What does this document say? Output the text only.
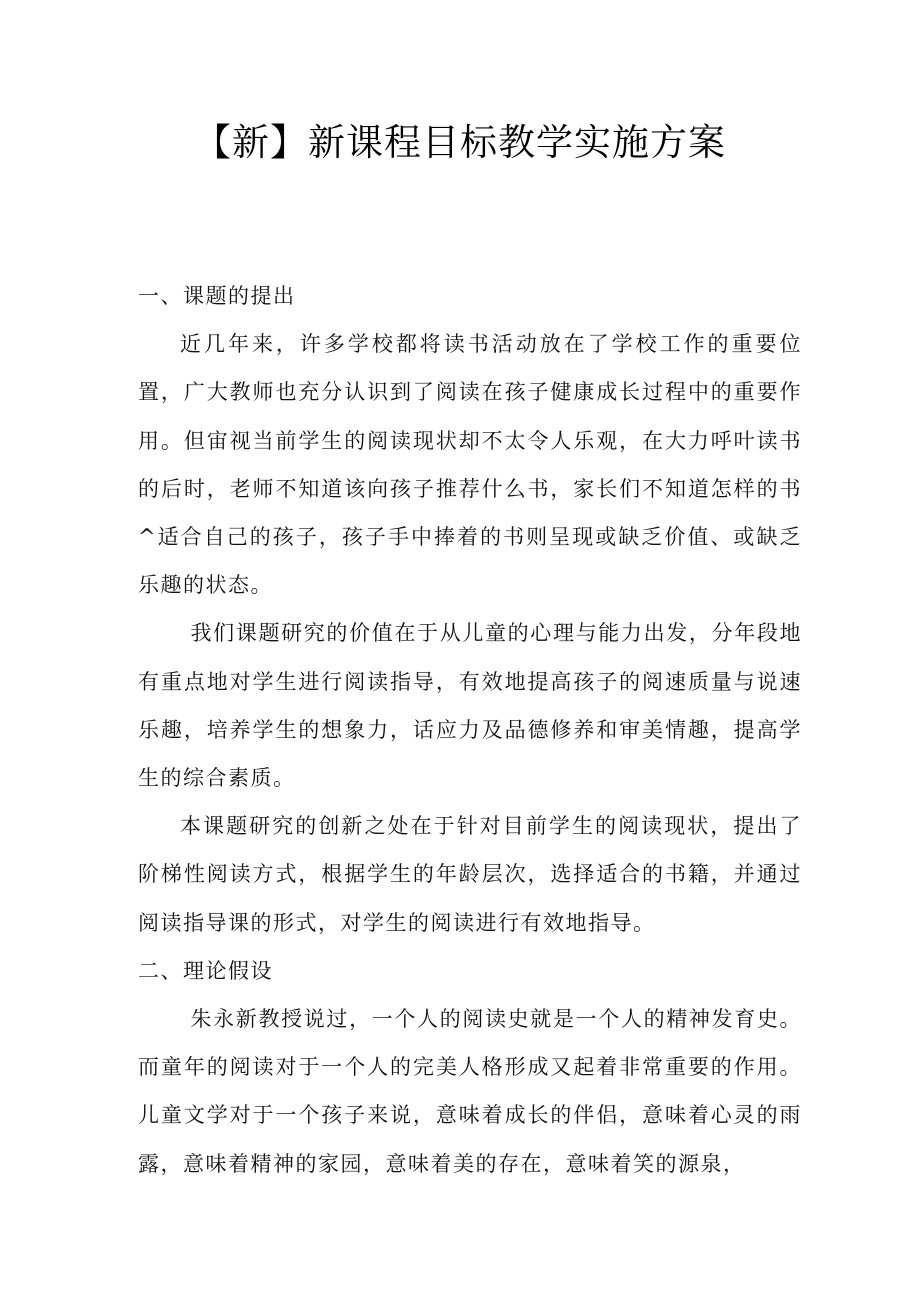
【新】新课程目标教学实施方案
一、课题的提出

近几年来，许多学校都将读书活动放在了学校工作的重要位置，广大教师也充分认识到了阅读在孩子健康成长过程中的重要作用。但宙视当前学生的阅读现状却不太令人乐观，在大力呼叶读书的后时，老师不知道该向孩子推荐什么书，家长们不知道怎样的书^适合自己的孩子，孩子手中捧着的书则呈现或缺乏价值、或缺乏乐趣的状态。

我们课题研究的价值在于从儿童的心理与能力出发，分年段地有重点地对学生进行阅读指导，有效地提高孩子的阅速质量与说速乐趣，培养学生的想象力，话应力及品德修养和审美情趣，提高学生的综合素质。

本课题研究的创新之处在于针对目前学生的阅读现状，提出了阶梯性阅读方式，根据学生的年龄层次，选择适合的书籍，并通过阅读指导课的形式，对学生的阅读进行有效地指导。

二、理论假设

朱永新教授说过，一个人的阅读史就是一个人的精神发育史。而童年的阅读对于一个人的完美人格形成又起着非常重要的作用。儿童文学对于一个孩子来说，意味着成长的伴侣，意味着心灵的雨露，意味着精神的家园，意味着美的存在，意味着笑的源泉，
